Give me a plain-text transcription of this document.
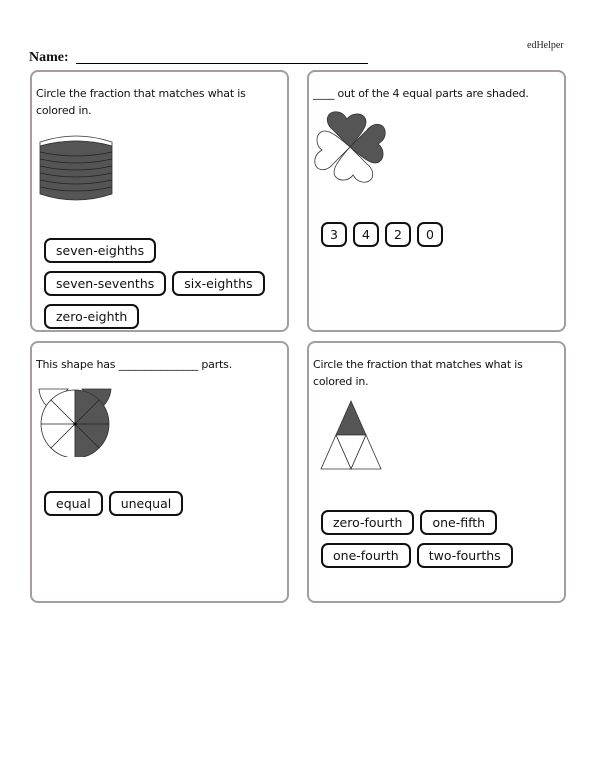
edHelper
Name:
Circle the fraction that matches what is colored in.
seven-eighths
seven-sevenths	six-eighths
zero-eighth
____ out of the 4 equal parts are shaded.
3	4	2	0
This shape has _______________ parts.
equal	unequal
Circle the fraction that matches what is colored in.
zero-fourth	one-fifth
one-fourth	two-fourths
